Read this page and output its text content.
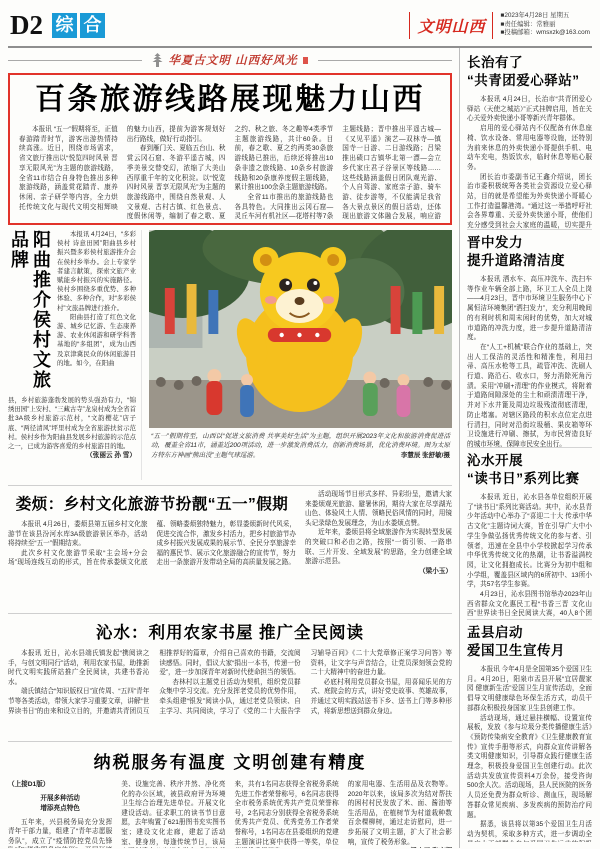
D2 综 合	文明山西
■2023年4月28日 星期五
■责任编辑：常雅丽
■投稿邮箱：wmsxzk@163.com
华夏古文明 山西好风光
百条旅游线路展现魅力山西

本报讯 “五一”假期将至，正值春游踏青时节，游客出游热情持续高涨。近日，围绕市场需求，省文旅厅推出以“悦览四时风景 晋享无限风光”为主题的旅游线路，全省11市结合自身特色推出多种旅游线路，涵盖赏花踏青、康养休闲、亲子研学等内容，全力烘托传统文化与现代文明交相辉映的魅力山西，提前为游客规划好出行路线，做好行动指引。

春到雁门关、夏临五台山、秋赏云冈石窟、冬游平遥古城，四季美景交替变幻，浓缩了大美山西厚重千年的文化积淀。以“悦览四时风景 晋享无限风光”为主题的旅游线路中，围绕自然景观、人文景观、古村古镇、红色景点、度假休闲等，编制了春之歌、夏之约、秋之旅、冬之趣等4类季节主题旅游线路，共计60条。目前，春之歌、夏之约两类30条旅游线路已推出，后续还将推出10条非遗之旅线路、10条乡村旅游线路和20条康养度假主题线路，累计推出100余条主题旅游线路。

全省11市推出的旅游线路也各具特色。大同推出云冈石窟—灵丘车河有机社区—花塔村等7条主题线路；晋中推出平遥古城—《又见平遥》演艺—双林寺—镇国寺一日游、二日游线路；吕梁推出碛口古镇华北第一漂—会立乡代家庄君子谷景区等线路……这些线路涵盖假日团队观光游、个人自驾游、家庭亲子游、骑车游、徒步游等，不仅能满足我省各大景点景区的假日活动，还体现出旅游文体融合发展，响应游

阳曲推介侯村文旅品牌	本报讯 4月24日，“多彩侯村 诗意田园”阳曲县乡村振兴暨多彩侯村旅游推介会在侯村乡举办。会上专家学者建言献策，探索文旅产业赋能乡村振兴的实施路径。侯村乡围绕多重优势、多种体验、多种合作，对“多彩侯村”文旅品牌进行推介。

阳曲县打造了红色文化游、城乡记忆游、生态康养游、农业休闲游和研学科普基地的“多组团”，成为山西及京津冀民众的休闲旅游目的地。如今，在阳曲

县，乡村旅游蓬勃发展的势头强劲有力，“锦绣田园”上安村、“三藏古寺”龙泉村成为全省首批3A级乡村旅游示范村，“文韵樱花”店子底、“两径清风”坪里村成为全省旅游扶贫示范村。侯村乡作为阳曲县发展乡村旅游的示范点之一，已成为游客喜爱的乡村旅游目的地。

（张丽云 孙 雪）
“五一”假期将至，山西以“促进文旅消费 共享美好生活”为主题，组织开展2023年文化和旅游消费促进活动，覆盖全省11市，涵盖近200项活动，进一步激发消费活力，创新消费场景，优化消费环境。图为太原方特东方神画“熊出没”主题气球巡游。	李慧辰 张舒敏/摄
娄烦：乡村文化旅游节扮靓“五一”假期

本报讯 4月26日，娄烦县第五届乡村文化旅游节在该县汾河水库3A级旅游景区举办，活动将持续至“五一”假期结束。

此次乡村文化旅游节采取“主会场+分会场”现场连线互动的形式，旨在传承娄烦文化底蕴、领略娄烦独特魅力，彰显娄烦新时代风采，促进交流合作，激发乡村活力，把乡村旅游节办成乡村振兴发展成果的展示节、全民分享旅游幸福的惠民节、展示文化旅游融合的宣传节，努力走出一条旅游开发带动全局的高质量发展之路。

活动现场节目形式多样、异彩纷呈，邀请大家来娄烦观光旅游、避暑休闲，期待大家在尽享湖光山色、体验风土人情、领略民俗风情的同时，用镜头记录绿色发展理念，为山水娄烦点赞。

近年来，娄烦县将全域旅游作为实现转型发展的突破口和必由之路，按照“一街引领、一路串联、三片开发、全域发展”的思路，全力创建全域旅游示范县。

（梁小玉）
沁水：利用农家书屋 推广全民阅读

本报讯 近日，沁水县端氏镇发起“携阅读之手，与创文明同行”活动，利用农家书屋，助推新时代文明实践所站推广全民阅读，共建书香沁水。

端氏镇结合“知识版权日”宣传周、“五四”青年节等各类活动，带领大家学习重要文章，讲解“世界读书日”的由来和设立目的，并邀请共青团员互相推荐好的篇章，介绍自己喜欢的书籍，交流阅读感悟。同时，倡议大家“捐出一本书，传递一份爱”，进一步加深青年对新时代使命担当的领悟。

杏林村以主题党日活动为契机，组织党员群众集中学习交流。充分发挥老党员的优势作用，牵头组建“银发”阅读小队，通过老党员领读、自主学习、共同阅读，学习了《党的二十大报告学习辅导百问》《二十大党章修正案学习问答》等资料，让文字与声音结合，让党员深刻领会党的二十大精神中的奋进力量。

必底村利用党员群众书屋，用喜闻乐见的方式、庭院会的方式，讲好党史故事、英雄故事，并通过文明实践站送书下乡、送书上门等多种形式，将新思想送到群众身边。

纳税服务有温度 文明创建有精度
（上接D1版）
开展多种活动
增添亮点特色

五年来，兴县税务局充分发挥青年干部力量，组建了“青年志愿服务队”，成立了“疫情防控党员先锋

美、设施完善、秩序井然、净化亮化的办公区域，被县政府评为环境卫生综合治理先进单位。开展文化建设活动。征求职工的读书节目意愿，去年购置了621册图书充实图书室；建设文化走廊，建起了活动室、健身房，每逢传统节日，该局

来，共有1名同志获得全省税务系统先进工作者荣誉称号，6名同志获得全市税务系统优秀共产党员荣誉称号，2名同志分别获得全省税务系统优秀共产党员、优秀党务工作者荣誉称号，1名同志在县委组织的党建主题演讲比赛中获得一等奖，单位

的家用电器、生活用品及衣物等。2020年以来，该局多次为结对帮扶的困村村民发放了米、面、酱油等生活用品，在植树节为村道栽种数百余棵柳树，通过走访慰问，进一步拓展了文明主题，扩大了社会影响，宣传了税务形象。

长治有了
“共青团爱心驿站”

本报讯 4月24日，长治市“共青团爱心驿站（天使之城站）”正式挂牌启用，旨在关心关爱外卖快递小哥等新兴青年群体。

启用的爱心驿站内不仅配备有休息座椅、饮水设备、常用电器等设施，还特别为前来休息的外卖快递小哥提供手机、电动车充电，热饭饮水，临时休息等贴心服务。

团长治市委副书记王鑫介绍说，团长治市委积极统筹各类社会资源设立爱心驿站，目的就是希望能为外卖快递小哥暖心工作打造温馨港湾。“通过这一举措呼吁社会各界尊重、关爱外卖快递小哥，使他们充分感受到社会大家庭的温暖，切实提升

晋中发力
提升道路清洁度

本报讯 洒水车、高压冲洗车、洗扫车等作业车辆全部上路，环卫工人全员上岗——4月23日，晋中市环境卫生服务中心下属恒洁环境集团“洒扫发力”，充分利用晚间的有利时机和周末闲时的优势，加大对城市道路的冲洗力度，进一步提升道路清洁度。

在“人工+机械”联合作业的基础上，突出人工保洁的灵活性和精准性，利用扫帚、高压水枪等工具，疏管冲洗、洗刷人行道、路沿石、收水口，努力消除死角污渍。采用“冲刷+清理”的作业模式，将附着于道路间隙深处的尘土和顽渍清理干净，并对下水井篦及周边垃圾残渣彻底清理，防止堵塞。对辖区路段的积水点位定点进行清扫，同时对沿街垃圾桶、果皮箱等环卫设施进行冲刷、擦拭，为市民营造良好的城市环境，保障市民安全出行。

沁水开展
“读书日”系列比赛

本报讯 近日，沁水县各单位组织开展了“读书日”系列比赛活动。其中，沁水县青少年活动中心举办了“喜迎二十大 传承中华古文化”主题诗词大赛，旨在引导广大中小学生争做弘扬优秀传统文化的参与者、引领者，迅速在全县中小学校掀起学习传承中华优秀传统文化的热潮，让书香溢满校园，让文化拥抱成长。比赛分为初中组和小学组，覆盖县区域内的6所初中、13所小学，共57名学生参赛。

4月23日，沁水县图书馆举办2023年山西省群众文化惠民工程“书香三晋 文化山西”世界读书日全民阅读大赛，40人8个团

盂县启动
爱国卫生宣传月

本报讯 今年4月是全国第35个爱国卫生月。4月20日，阳泉市盂县开展“宜居靓家园 健康新生活”爱国卫生月宣传活动，全面倡导文明健康绿色环保生活方式，动员干部群众积极投身国家卫生县创建工作。

活动现场，通过悬挂横幅、设置宣传展板，发放《参与垃圾分类传播健康生活》《预防传染病安全教育》《卫生健康教育宣传》宣传手册等形式，向群众宣传讲解各类文明健康知识，引导群众践行健康生活理念，积极投身爱国卫生创建行动。此次活动共发放宣传资料4万余份，接受咨询500余人次。活动现场，县人民医院的医务人员还免费为群众听诊、测血压，现场解答群众常见疾病、多发疾病的预防治疗问题。

据悉，该县将以第35个爱国卫生月活动为契机，采取多种方式，进一步调动全
